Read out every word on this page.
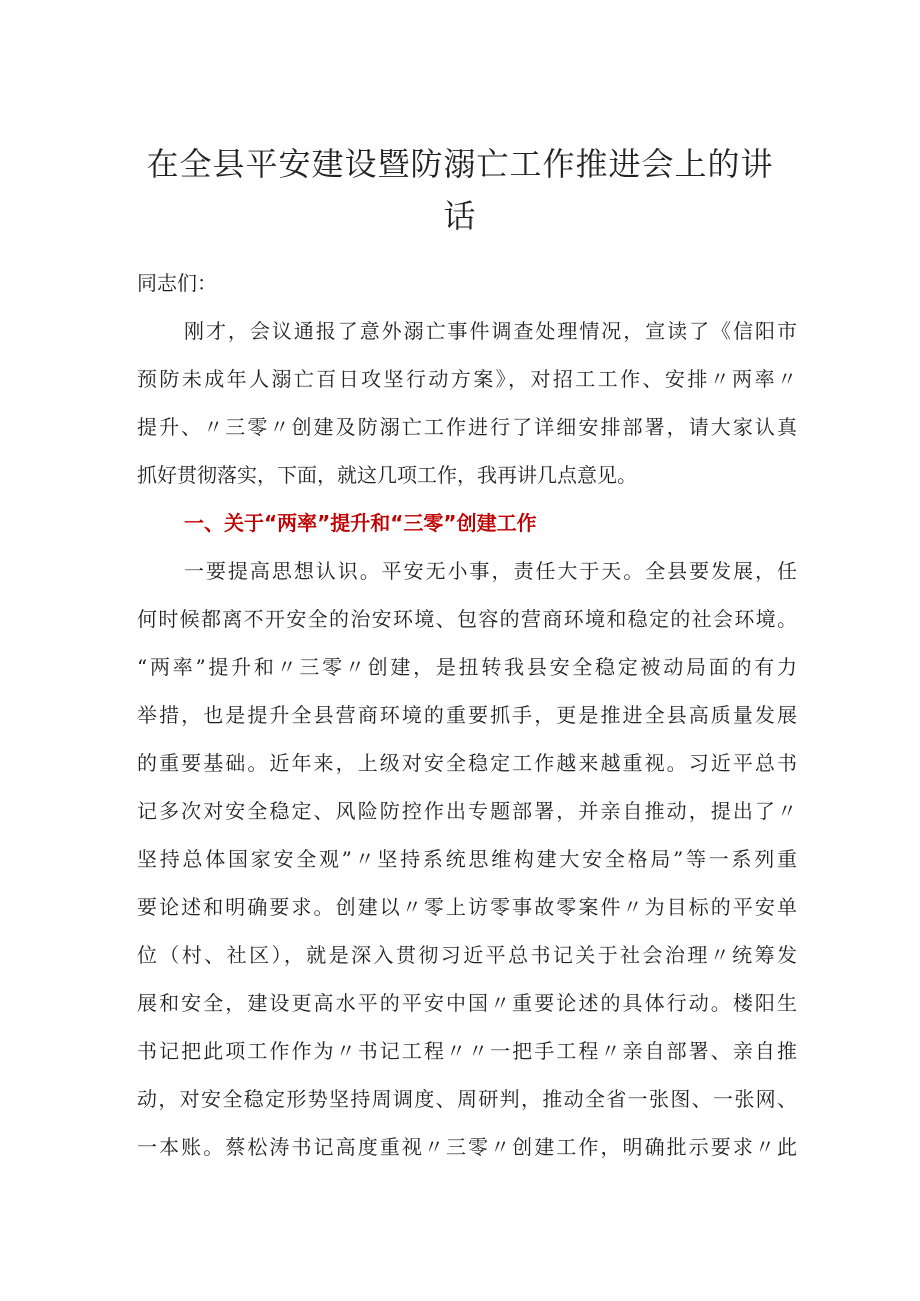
在全县平安建设暨防溺亡工作推进会上的讲
话
同志们：
刚才，会议通报了意外溺亡事件调查处理情况，宣读了《信阳市
预防未成年人溺亡百日攻坚行动方案》，对招工工作、安排〃两率〃
提升、〃三零〃创建及防溺亡工作进行了详细安排部署，请大家认真
抓好贯彻落实，下面，就这几项工作，我再讲几点意见。
一、关于“两率”提升和“三零”创建工作
一要提高思想认识。平安无小事，责任大于天。全县要发展，任
何时候都离不开安全的治安环境、包容的营商环境和稳定的社会环境。
“两率”提升和〃三零〃创建，是扭转我县安全稳定被动局面的有力
举措，也是提升全县营商环境的重要抓手，更是推进全县高质量发展
的重要基础。近年来，上级对安全稳定工作越来越重视。习近平总书
记多次对安全稳定、风险防控作出专题部署，并亲自推动，提出了〃
坚持总体国家安全观”〃坚持系统思维构建大安全格局”等一系列重
要论述和明确要求。创建以〃零上访零事故零案件〃为目标的平安单
位（村、社区），就是深入贯彻习近平总书记关于社会治理〃统筹发
展和安全，建设更高水平的平安中国〃重要论述的具体行动。楼阳生
书记把此项工作作为〃书记工程〃〃一把手工程〃亲自部署、亲自推
动，对安全稳定形势坚持周调度、周研判，推动全省一张图、一张网、
一本账。蔡松涛书记高度重视〃三零〃创建工作，明确批示要求〃此
